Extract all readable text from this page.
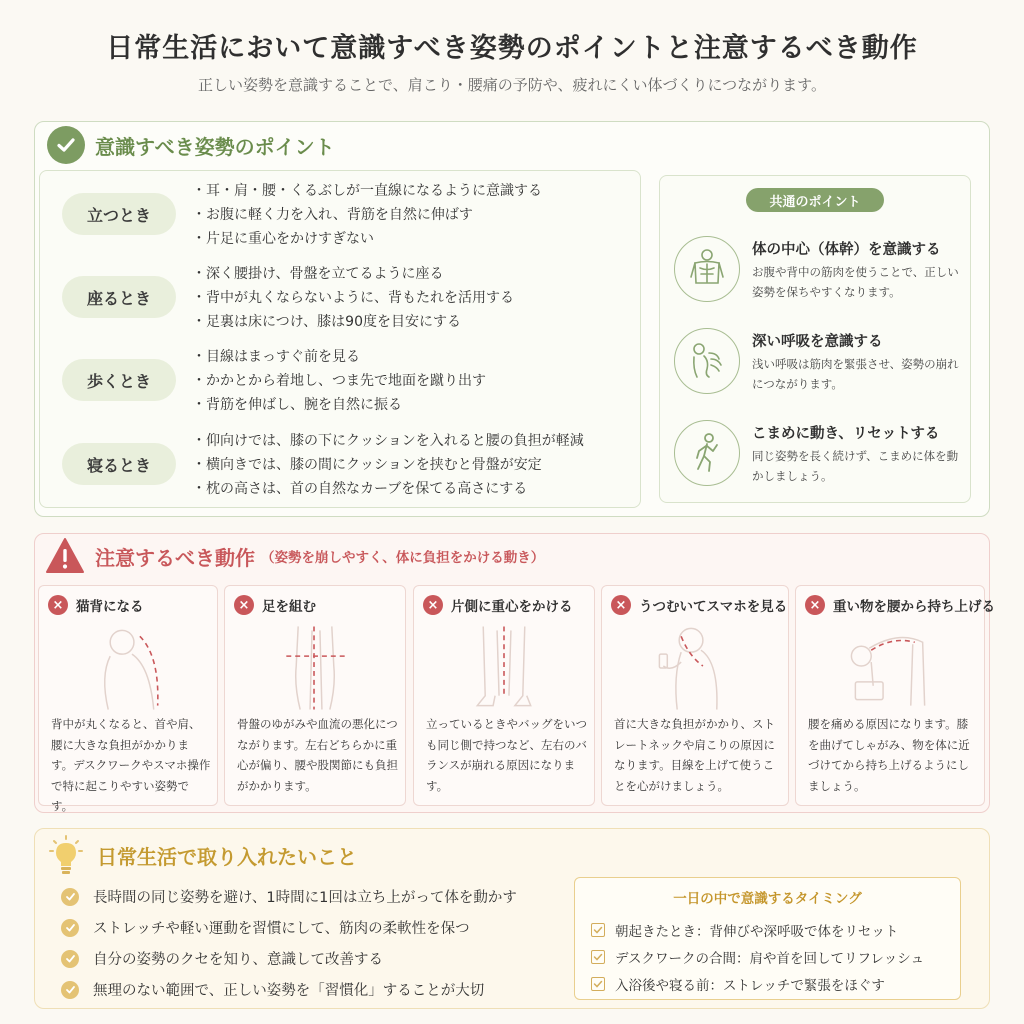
日常生活において意識すべき姿勢のポイントと注意するべき動作
正しい姿勢を意識することで、肩こり・腰痛の予防や、疲れにくい体づくりにつながります。
意識すべき姿勢のポイント
立つとき
・耳・肩・腰・くるぶしが一直線になるように意識する
・お腹に軽く力を入れ、背筋を自然に伸ばす
・片足に重心をかけすぎない
座るとき
・深く腰掛け、骨盤を立てるように座る
・背中が丸くならないように、背もたれを活用する
・足裏は床につけ、膝は90度を目安にする
歩くとき
・目線はまっすぐ前を見る
・かかとから着地し、つま先で地面を蹴り出す
・背筋を伸ばし、腕を自然に振る
寝るとき
・仰向けでは、膝の下にクッションを入れると腰の負担が軽減
・横向きでは、膝の間にクッションを挟むと骨盤が安定
・枕の高さは、首の自然なカーブを保てる高さにする
共通のポイント
体の中心（体幹）を意識する
お腹や背中の筋肉を使うことで、正しい姿勢を保ちやすくなります。
深い呼吸を意識する
浅い呼吸は筋肉を緊張させ、姿勢の崩れにつながります。
こまめに動き、リセットする
同じ姿勢を長く続けず、こまめに体を動かしましょう。
注意するべき動作 （姿勢を崩しやすく、体に負担をかける動き）
× 猫背になる
背中が丸くなると、首や肩、腰に大きな負担がかかります。デスクワークやスマホ操作で特に起こりやすい姿勢です。
× 足を組む
骨盤のゆがみや血流の悪化につながります。左右どちらかに重心が偏り、腰や股関節にも負担がかかります。
× 片側に重心をかける
立っているときやバッグをいつも同じ側で持つなど、左右のバランスが崩れる原因になります。
× うつむいてスマホを見る
首に大きな負担がかかり、ストレートネックや肩こりの原因になります。目線を上げて使うことを心がけましょう。
× 重い物を腰から持ち上げる
腰を痛める原因になります。膝を曲げてしゃがみ、物を体に近づけてから持ち上げるようにしましょう。
日常生活で取り入れたいこと
長時間の同じ姿勢を避け、1時間に1回は立ち上がって体を動かす
ストレッチや軽い運動を習慣にして、筋肉の柔軟性を保つ
自分の姿勢のクセを知り、意識して改善する
無理のない範囲で、正しい姿勢を「習慣化」することが大切
一日の中で意識するタイミング
朝起きたとき：背伸びや深呼吸で体をリセット
デスクワークの合間：肩や首を回してリフレッシュ
入浴後や寝る前：ストレッチで緊張をほぐす
